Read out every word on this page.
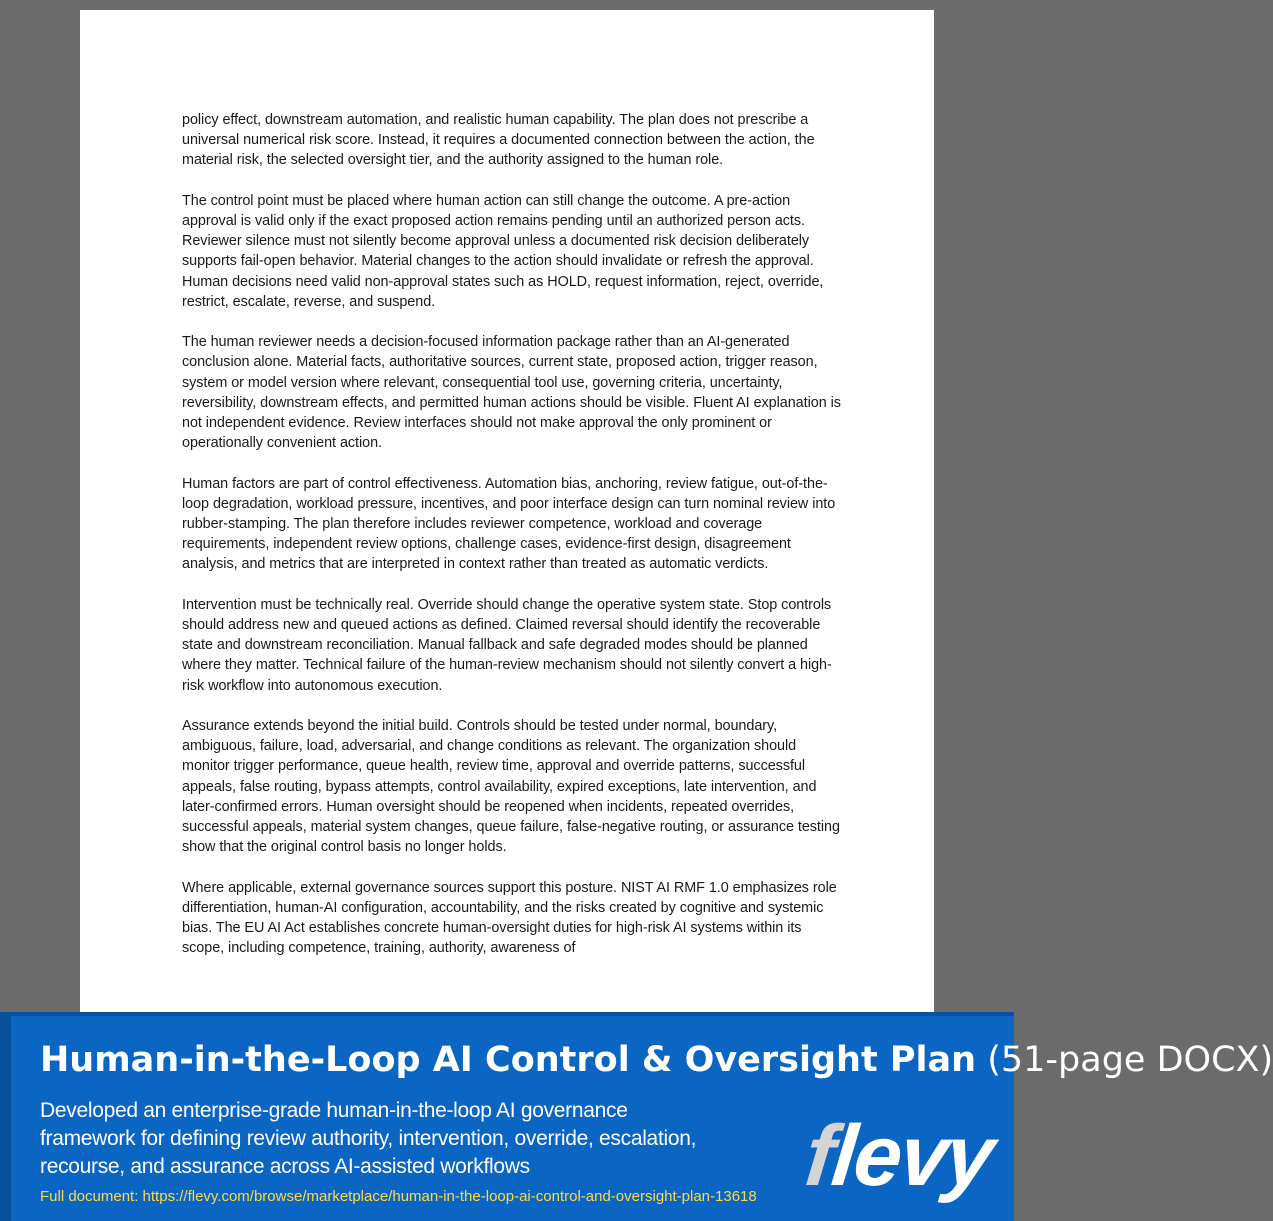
policy effect, downstream automation, and realistic human capability. The plan does not prescribe a universal numerical risk score. Instead, it requires a documented connection between the action, the material risk, the selected oversight tier, and the authority assigned to the human role.

The control point must be placed where human action can still change the outcome. A pre-action approval is valid only if the exact proposed action remains pending until an authorized person acts. Reviewer silence must not silently become approval unless a documented risk decision deliberately supports fail-open behavior. Material changes to the action should invalidate or refresh the approval. Human decisions need valid non-approval states such as HOLD, request information, reject, override, restrict, escalate, reverse, and suspend.

The human reviewer needs a decision-focused information package rather than an AI-generated conclusion alone. Material facts, authoritative sources, current state, proposed action, trigger reason, system or model version where relevant, consequential tool use, governing criteria, uncertainty, reversibility, downstream effects, and permitted human actions should be visible. Fluent AI explanation is not independent evidence. Review interfaces should not make approval the only prominent or operationally convenient action.

Human factors are part of control effectiveness. Automation bias, anchoring, review fatigue, out-of-the-loop degradation, workload pressure, incentives, and poor interface design can turn nominal review into rubber-stamping. The plan therefore includes reviewer competence, workload and coverage requirements, independent review options, challenge cases, evidence-first design, disagreement analysis, and metrics that are interpreted in context rather than treated as automatic verdicts.

Intervention must be technically real. Override should change the operative system state. Stop controls should address new and queued actions as defined. Claimed reversal should identify the recoverable state and downstream reconciliation. Manual fallback and safe degraded modes should be planned where they matter. Technical failure of the human-review mechanism should not silently convert a high-risk workflow into autonomous execution.

Assurance extends beyond the initial build. Controls should be tested under normal, boundary, ambiguous, failure, load, adversarial, and change conditions as relevant. The organization should monitor trigger performance, queue health, review time, approval and override patterns, successful appeals, false routing, bypass attempts, control availability, expired exceptions, late intervention, and later-confirmed errors. Human oversight should be reopened when incidents, repeated overrides, successful appeals, material system changes, queue failure, false-negative routing, or assurance testing show that the original control basis no longer holds.

Where applicable, external governance sources support this posture. NIST AI RMF 1.0 emphasizes role differentiation, human-AI configuration, accountability, and the risks created by cognitive and systemic bias. The EU AI Act establishes concrete human-oversight duties for high-risk AI systems within its scope, including competence, training, authority, awareness of

Human-in-the-Loop AI Control & Oversight Plan (51-page DOCX)
Developed an enterprise-grade human-in-the-loop AI governance framework for defining review authority, intervention, override, escalation, recourse, and assurance across AI-assisted workflows
Full document: https://flevy.com/browse/marketplace/human-in-the-loop-ai-control-and-oversight-plan-13618 flevy
